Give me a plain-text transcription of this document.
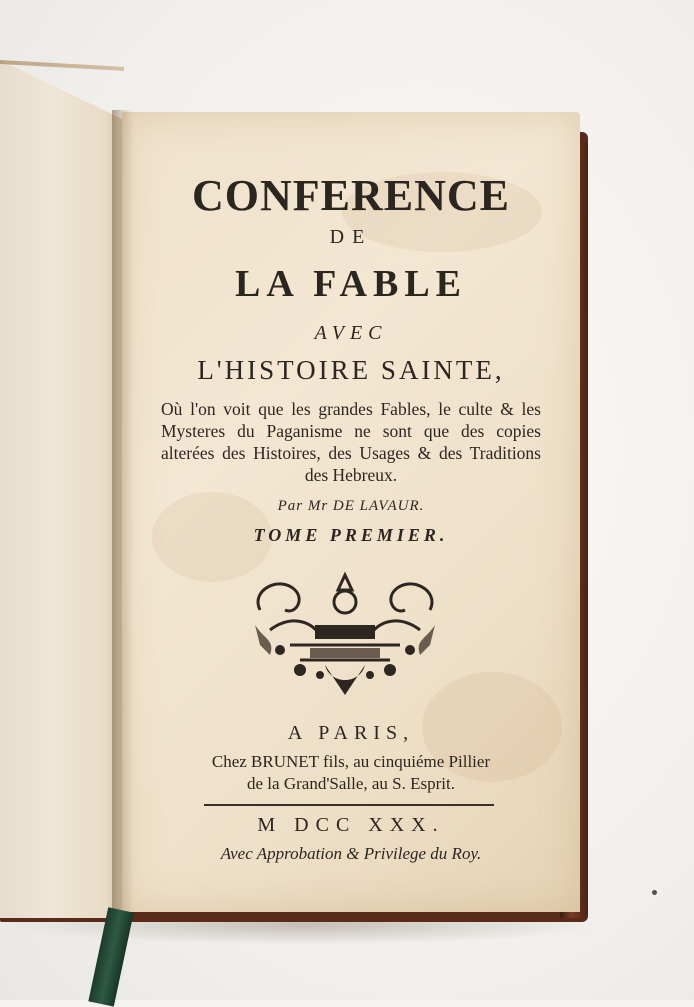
CONFERENCE
DE
LA FABLE
AVEC
L'HISTOIRE SAINTE,
Où l'on voit que les grandes Fables, le culte & les Mysteres du Paganisme ne sont que des copies alterées des Histoires, des Usages & des Traditions des Hebreux.
Par Mr DE LAVAUR.
TOME PREMIER.
A PARIS,
Chez BRUNET fils, au cinquiéme Pillier
de la Grand'Salle, au S. Esprit.
M DCC XXX.
Avec Approbation & Privilege du Roy.
